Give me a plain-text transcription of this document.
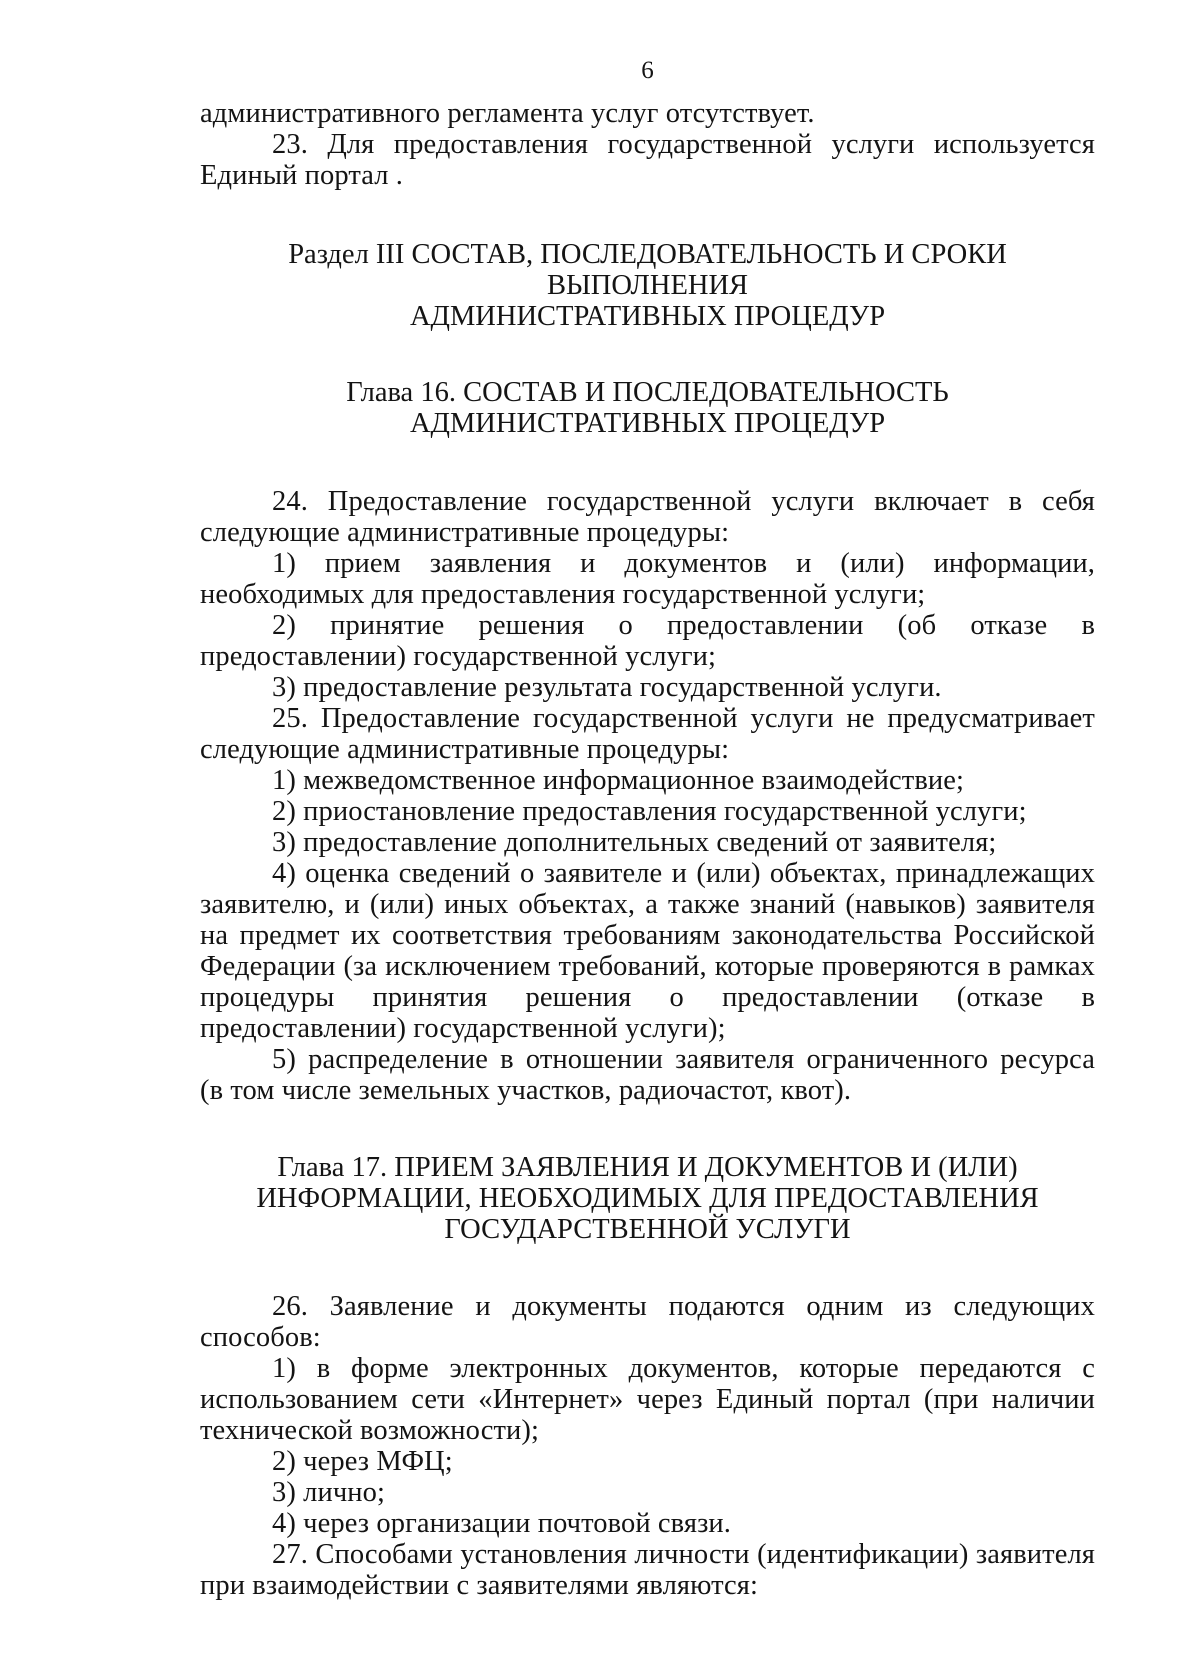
6

административного регламента услуг отсутствует.

23. Для предоставления государственной услуги используется Единый портал .

Раздел III СОСТАВ, ПОСЛЕДОВАТЕЛЬНОСТЬ И СРОКИ ВЫПОЛНЕНИЯ
АДМИНИСТРАТИВНЫХ ПРОЦЕДУР
Глава 16. СОСТАВ И ПОСЛЕДОВАТЕЛЬНОСТЬ
АДМИНИСТРАТИВНЫХ ПРОЦЕДУР

24. Предоставление государственной услуги включает в себя следующие административные процедуры:

1) прием заявления и документов и (или) информации, необходимых для предоставления государственной услуги;

2) принятие решения о предоставлении (об отказе в предоставлении) государственной услуги;

3) предоставление результата государственной услуги.

25. Предоставление государственной услуги не предусматривает следующие административные процедуры:

1) межведомственное информационное взаимодействие;

2) приостановление предоставления государственной услуги;

3) предоставление дополнительных сведений от заявителя;

4) оценка сведений о заявителе и (или) объектах, принадлежащих заявителю, и (или) иных объектах, а также знаний (навыков) заявителя на предмет их соответствия требованиям законодательства Российской Федерации (за исключением требований, которые проверяются в рамках процедуры принятия решения о предоставлении (отказе в предоставлении) государственной услуги);

5) распределение в отношении заявителя ограниченного ресурса (в том числе земельных участков, радиочастот, квот).

Глава 17. ПРИЕМ ЗАЯВЛЕНИЯ И ДОКУМЕНТОВ И (ИЛИ)
ИНФОРМАЦИИ, НЕОБХОДИМЫХ ДЛЯ ПРЕДОСТАВЛЕНИЯ
ГОСУДАРСТВЕННОЙ УСЛУГИ

26. Заявление и документы подаются одним из следующих способов:

1) в форме электронных документов, которые передаются с использованием сети «Интернет» через Единый портал (при наличии технической возможности);

2) через МФЦ;

3) лично;

4) через организации почтовой связи.

27. Способами установления личности (идентификации) заявителя при взаимодействии с заявителями являются:
